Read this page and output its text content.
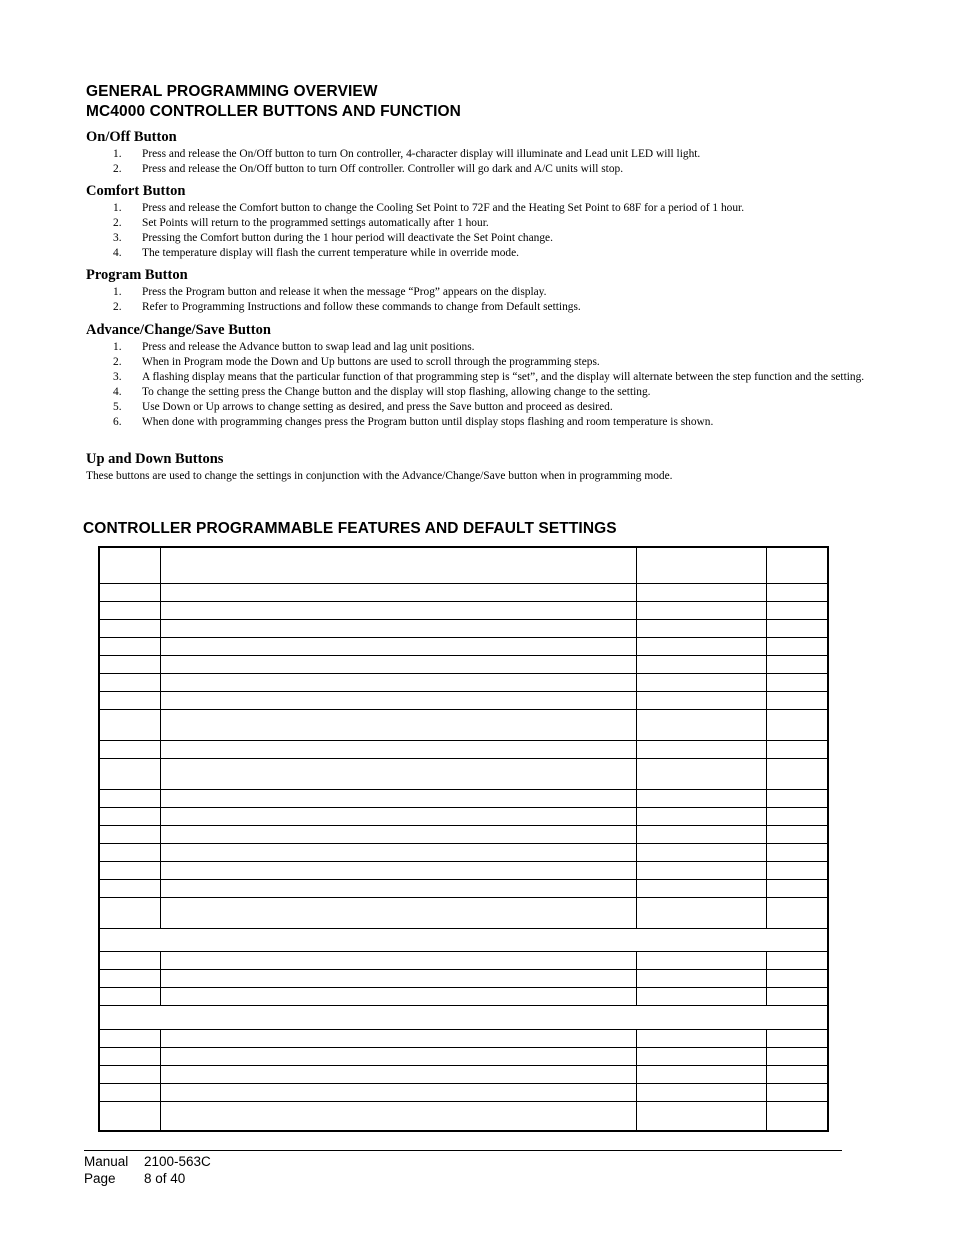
GENERAL PROGRAMMING OVERVIEW
MC4000 CONTROLLER BUTTONS AND FUNCTION
On/Off Button
1. Press and release the On/Off button to turn On controller, 4-character display will illuminate and Lead unit LED will light.
2. Press and release the On/Off button to turn Off controller. Controller will go dark and A/C units will stop.
Comfort Button
1. Press and release the Comfort button to change the Cooling Set Point to 72F and the Heating Set Point to 68F for a period of 1 hour.
2. Set Points will return to the programmed settings automatically after 1 hour.
3. Pressing the Comfort button during the 1 hour period will deactivate the Set Point change.
4. The temperature display will flash the current temperature while in override mode.
Program Button
1. Press the Program button and release it when the message “Prog” appears on the display.
2. Refer to Programming Instructions and follow these commands to change from Default settings.
Advance/Change/Save Button
1. Press and release the Advance button to swap lead and lag unit positions.
2. When in Program mode the Down and Up buttons are used to scroll through the programming steps.
3. A flashing display means that the particular function of that programming step is “set”, and the display will alternate between the step function and the setting.
4. To change the setting press the Change button and the display will stop flashing, allowing change to the setting.
5. Use Down or Up arrows to change setting as desired, and press the Save button and proceed as desired.
6. When done with programming changes press the Program button until display stops flashing and room temperature is shown.
Up and Down Buttons
These buttons are used to change the settings in conjunction with the Advance/Change/Save button when in programming mode.
CONTROLLER PROGRAMMABLE FEATURES AND DEFAULT SETTINGS

Manual 2100-563C
Page 8 of 40
